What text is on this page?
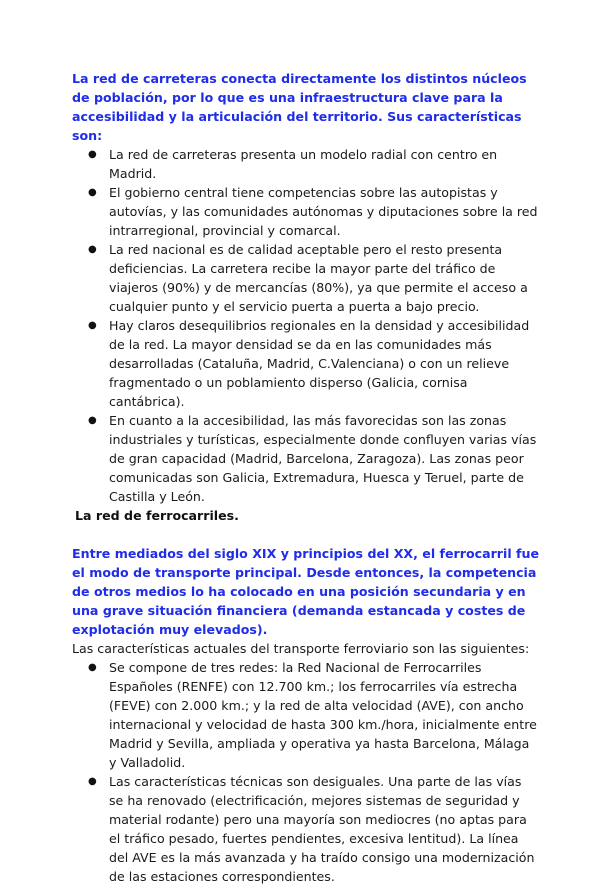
La red de carreteras conecta directamente los distintos núcleos de población, por lo que es una infraestructura clave para la accesibilidad y la articulación del territorio. Sus características son:

● La red de carreteras presenta un modelo radial con centro en Madrid.
● El gobierno central tiene competencias sobre las autopistas y autovías, y las comunidades autónomas y diputaciones sobre la red intrarregional, provincial y comarcal.
● La red nacional es de calidad aceptable pero el resto presenta deficiencias. La carretera recibe la mayor parte del tráfico de viajeros (90%) y de mercancías (80%), ya que permite el acceso a cualquier punto y el servicio puerta a puerta a bajo precio.
● Hay claros desequilibrios regionales en la densidad y accesibilidad de la red. La mayor densidad se da en las comunidades más desarrolladas (Cataluña, Madrid, C.Valenciana) o con un relieve fragmentado o un poblamiento disperso (Galicia, cornisa cantábrica).
● En cuanto a la accesibilidad, las más favorecidas son las zonas industriales y turísticas, especialmente donde confluyen varias vías de gran capacidad (Madrid, Barcelona, Zaragoza). Las zonas peor comunicadas son Galicia, Extremadura, Huesca y Teruel, parte de Castilla y León.

La red de ferrocarriles.

Entre mediados del siglo XIX y principios del XX, el ferrocarril fue el modo de transporte principal. Desde entonces, la competencia de otros medios lo ha colocado en una posición secundaria y en una grave situación financiera (demanda estancada y costes de explotación muy elevados).

Las características actuales del transporte ferroviario son las siguientes:

● Se compone de tres redes: la Red Nacional de Ferrocarriles Españoles (RENFE) con 12.700 km.; los ferrocarriles vía estrecha (FEVE) con 2.000 km.; y la red de alta velocidad (AVE), con ancho internacional y velocidad de hasta 300 km./hora, inicialmente entre Madrid y Sevilla, ampliada y operativa ya hasta Barcelona, Málaga y Valladolid.
● Las características técnicas son desiguales. Una parte de las vías se ha renovado (electrificación, mejores sistemas de seguridad y material rodante) pero una mayoría son mediocres (no aptas para el tráfico pesado, fuertes pendientes, excesiva lentitud). La línea del AVE es la más avanzada y ha traído consigo una modernización de las estaciones correspondientes.
